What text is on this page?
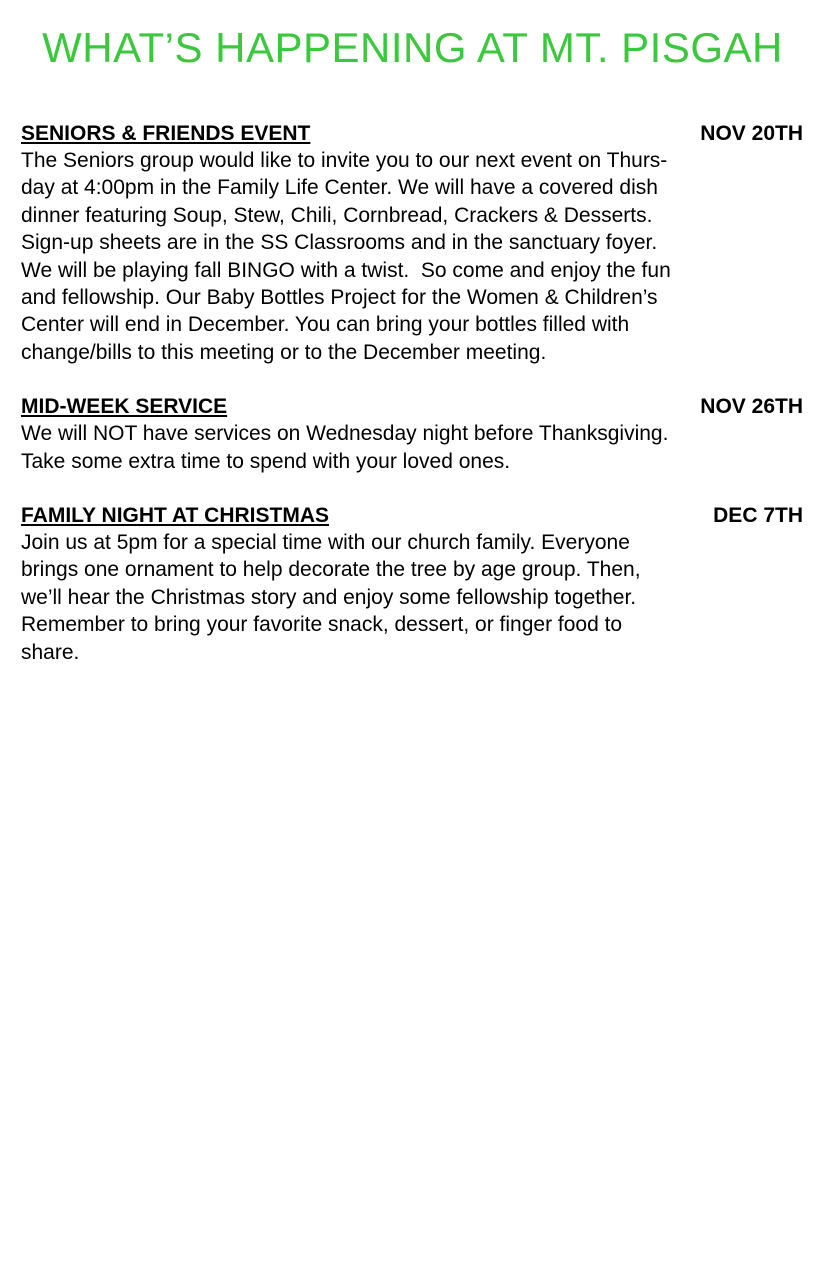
WHAT’S HAPPENING AT MT. PISGAH
SENIORS & FRIENDS EVENT	NOV 20TH
The Seniors group would like to invite you to our next event on Thurs-
day at 4:00pm in the Family Life Center. We will have a covered dish
dinner featuring Soup, Stew, Chili, Cornbread, Crackers & Desserts.
Sign-up sheets are in the SS Classrooms and in the sanctuary foyer.
We will be playing fall BINGO with a twist.  So come and enjoy the fun
and fellowship. Our Baby Bottles Project for the Women & Children’s
Center will end in December. You can bring your bottles filled with
change/bills to this meeting or to the December meeting.
MID-WEEK SERVICE	NOV 26TH
We will NOT have services on Wednesday night before Thanksgiving.
Take some extra time to spend with your loved ones.
FAMILY NIGHT AT CHRISTMAS	DEC 7TH
Join us at 5pm for a special time with our church family. Everyone
brings one ornament to help decorate the tree by age group. Then,
we’ll hear the Christmas story and enjoy some fellowship together.
Remember to bring your favorite snack, dessert, or finger food to
share.
